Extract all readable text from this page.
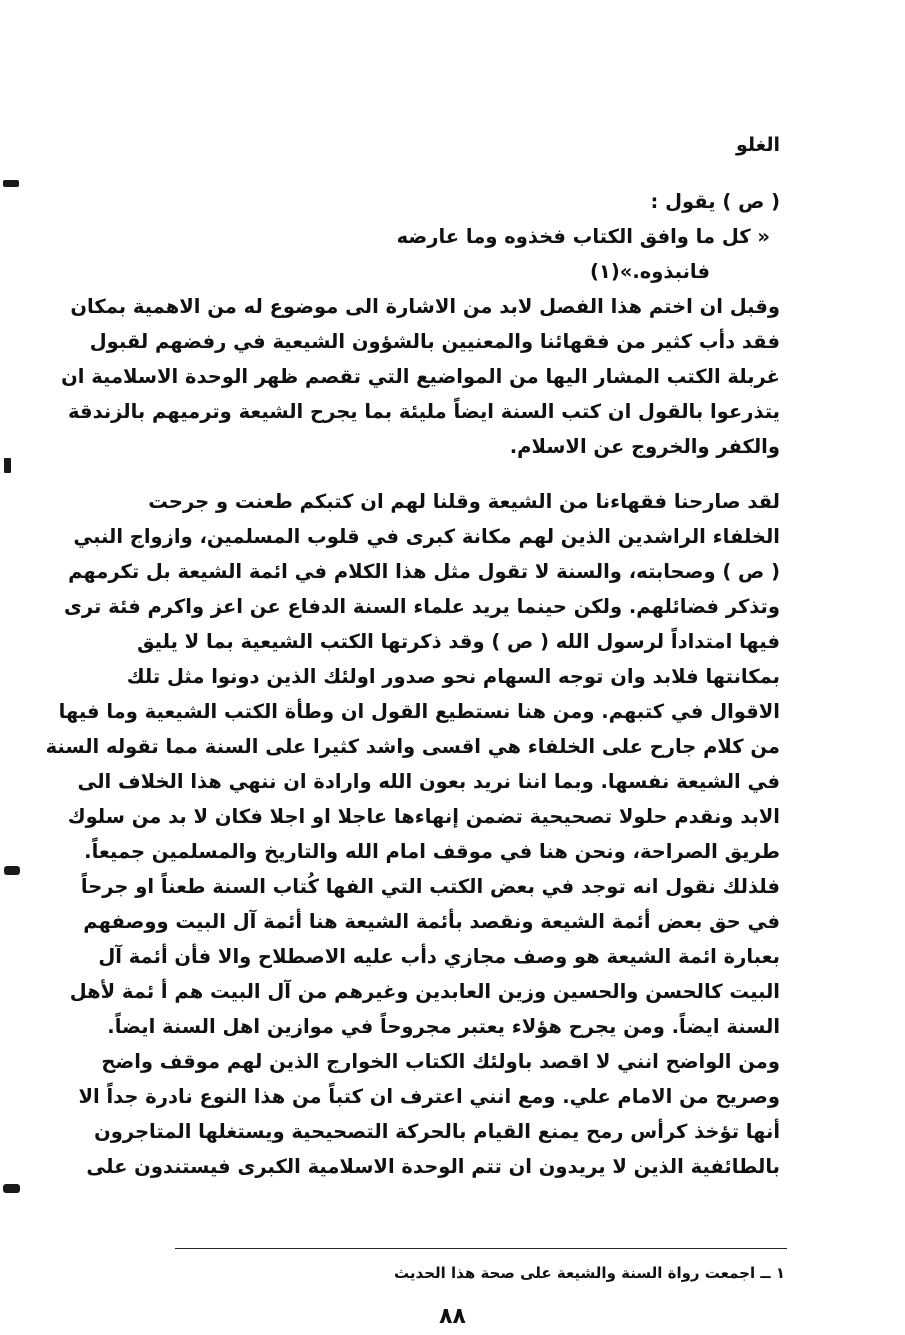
الغلو
( ص ) يقول :
« كل ما وافق الكتاب فخذوه وما عارضه
فانبذوه.»(١)
وقبل ان اختم هذا الفصل لابد من الاشارة الى موضوع له من الاهمية بمكان
فقد دأب كثير من فقهائنا والمعنيين بالشؤون الشيعية في رفضهم لقبول
غربلة الكتب المشار اليها من المواضيع التي تقصم ظهر الوحدة الاسلامية ان
يتذرعوا بالقول ان كتب السنة ايضاً مليئة بما يجرح الشيعة وترميهم بالزندقة
والكفر والخروج عن الاسلام.
لقد صارحنا فقهاءنا من الشيعة وقلنا لهم ان كتبكم طعنت و جرحت
الخلفاء الراشدين الذين لهم مكانة كبرى في قلوب المسلمين، وازواج النبي
( ص ) وصحابته، والسنة لا تقول مثل هذا الكلام في ائمة الشيعة بل تكرمهم
وتذكر فضائلهم. ولكن حينما يريد علماء السنة الدفاع عن اعز واكرم فئة ترى
فيها امتداداً لرسول الله ( ص ) وقد ذكرتها الكتب الشيعية بما لا يليق
بمكانتها فلابد وان توجه السهام نحو صدور اولئك الذين دونوا مثل تلك
الاقوال في كتبهم. ومن هنا نستطيع القول ان وطأة الكتب الشيعية وما فيها
من كلام جارح على الخلفاء هي اقسى واشد كثيرا على السنة مما تقوله السنة
في الشيعة نفسها. وبما اننا نريد بعون الله وارادة ان ننهي هذا الخلاف الى
الابد ونقدم حلولا تصحيحية تضمن إنهاءها عاجلا او اجلا فكان لا بد من سلوك
طريق الصراحة، ونحن هنا في موقف امام الله والتاريخ والمسلمين جميعاً.
فلذلك نقول انه توجد في بعض الكتب التي الفها كُتاب السنة طعناً او جرحاً
في حق بعض أئمة الشيعة ونقصد بأئمة الشيعة هنا أئمة آل البيت ووصفهم
بعبارة ائمة الشيعة هو وصف مجازي دأب عليه الاصطلاح والا فأن أئمة آل
البيت كالحسن والحسين وزين العابدين وغيرهم من آل البيت هم أ ئمة لأهل
السنة ايضاً. ومن يجرح هؤلاء يعتبر مجروحاً في موازين اهل السنة ايضاً.
ومن الواضح انني لا اقصد باولئك الكتاب الخوارج الذين لهم موقف واضح
وصريح من الامام علي. ومع انني اعترف ان كتباً من هذا النوع نادرة جداً الا
أنها تؤخذ كرأس رمح يمنع القيام بالحركة التصحيحية ويستغلها المتاجرون
بالطائفية الذين لا يريدون ان تتم الوحدة الاسلامية الكبرى فيستندون على
١ ــ اجمعت رواة السنة والشيعة على صحة هذا الحديث
٨٨
